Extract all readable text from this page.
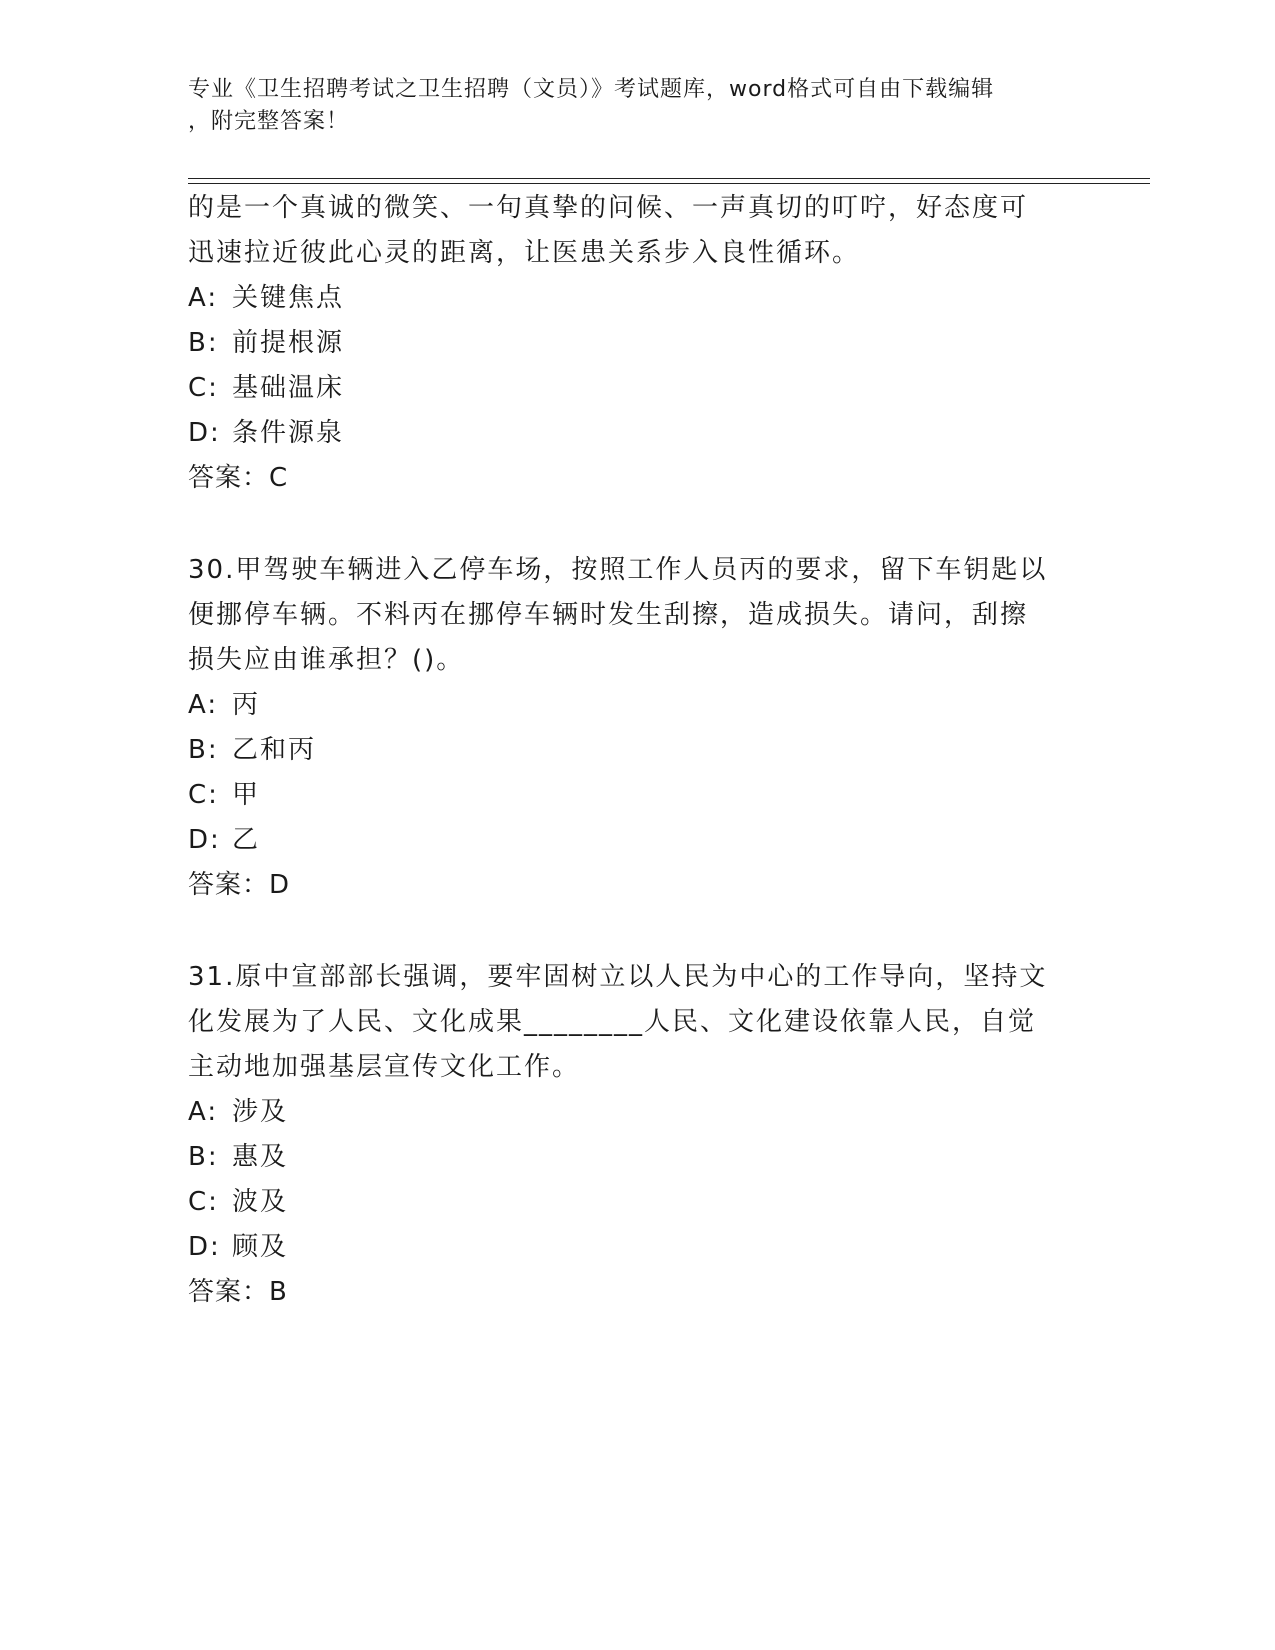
专业《卫生招聘考试之卫生招聘（文员）》考试题库，word格式可自由下载编辑
，附完整答案！
的是一个真诚的微笑、一句真挚的问候、一声真切的叮咛，好态度可
迅速拉近彼此心灵的距离，让医患关系步入良性循环。
A: 关键焦点
B: 前提根源
C: 基础温床
D: 条件源泉
答案：C
30.甲驾驶车辆进入乙停车场，按照工作人员丙的要求，留下车钥匙以
便挪停车辆。不料丙在挪停车辆时发生刮擦，造成损失。请问，刮擦
损失应由谁承担？()。
A: 丙
B: 乙和丙
C: 甲
D: 乙
答案：D
31.原中宣部部长强调，要牢固树立以人民为中心的工作导向，坚持文
化发展为了人民、文化成果________人民、文化建设依靠人民，自觉
主动地加强基层宣传文化工作。
A: 涉及
B: 惠及
C: 波及
D: 顾及
答案：B
